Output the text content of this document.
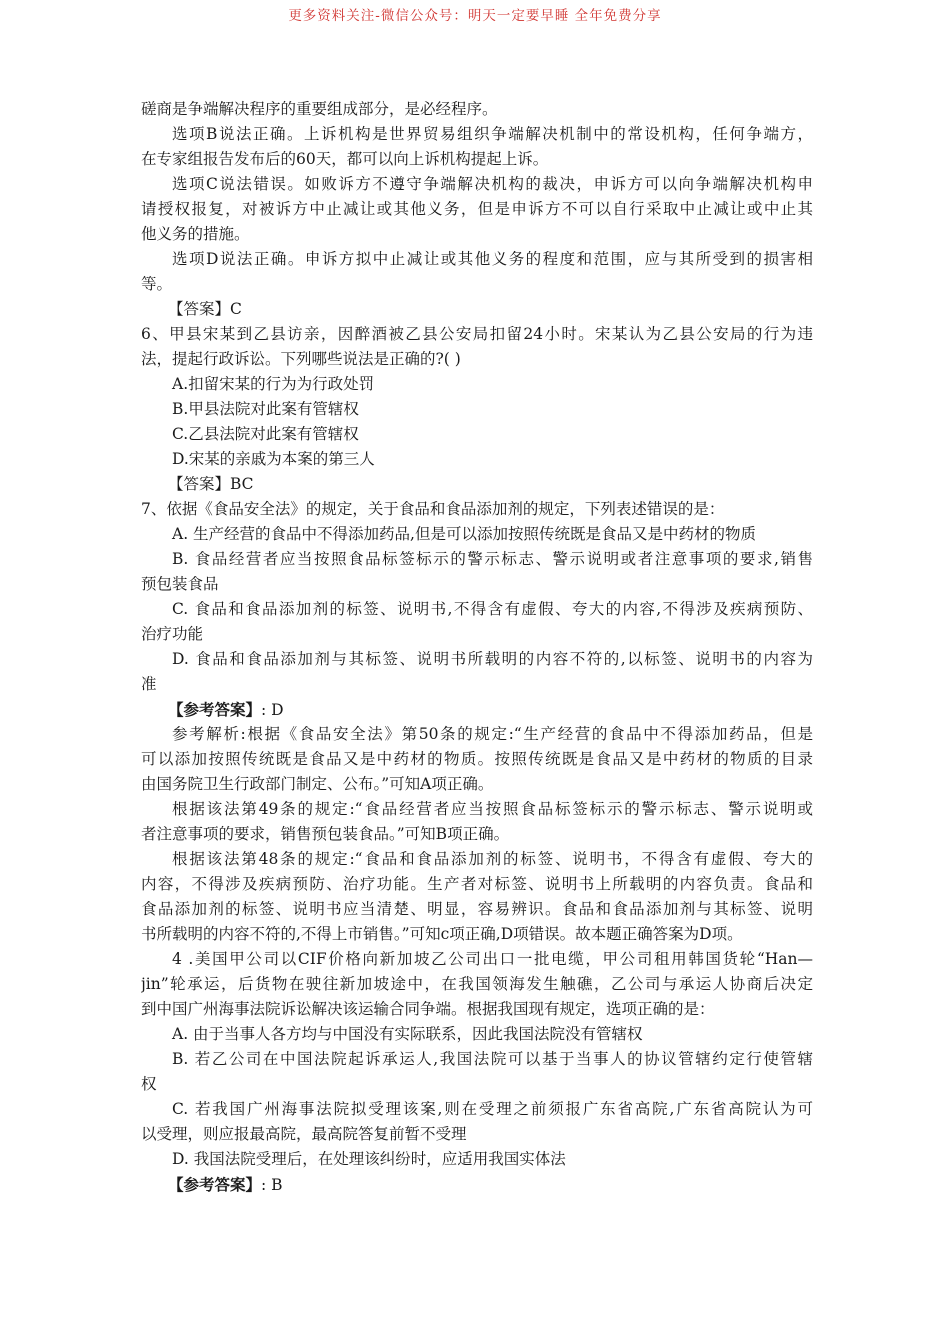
更多资料关注-微信公众号：明天一定要早睡 全年免费分享
磋商是争端解决程序的重要组成部分，是必经程序。
选项B说法正确。上诉机构是世界贸易组织争端解决机制中的常设机构，任何争端方，
在专家组报告发布后的60天，都可以向上诉机构提起上诉。
选项C说法错误。如败诉方不遵守争端解决机构的裁决，申诉方可以向争端解决机构申
请授权报复，对被诉方中止减让或其他义务，但是申诉方不可以自行采取中止减让或中止其
他义务的措施。
选项D说法正确。申诉方拟中止减让或其他义务的程度和范围，应与其所受到的损害相
等。
【答案】C
6、甲县宋某到乙县访亲，因醉酒被乙县公安局扣留24小时。宋某认为乙县公安局的行为违
法，提起行政诉讼。下列哪些说法是正确的?( )
A.扣留宋某的行为为行政处罚
B.甲县法院对此案有管辖权
C.乙县法院对此案有管辖权
D.宋某的亲戚为本案的第三人
【答案】BC
7、依据《食品安全法》的规定，关于食品和食品添加剂的规定，下列表述错误的是：
A. 生产经营的食品中不得添加药品,但是可以添加按照传统既是食品又是中药材的物质
B. 食品经营者应当按照食品标签标示的警示标志、警示说明或者注意事项的要求,销售
预包装食品
C. 食品和食品添加剂的标签、说明书,不得含有虚假、夸大的内容,不得涉及疾病预防、
治疗功能
D. 食品和食品添加剂与其标签、说明书所载明的内容不符的,以标签、说明书的内容为
准
【参考答案】: D
参考解析:根据《食品安全法》第50条的规定:“生产经营的食品中不得添加药品，但是
可以添加按照传统既是食品又是中药材的物质。按照传统既是食品又是中药材的物质的目录
由国务院卫生行政部门制定、公布。”可知A项正确。
根据该法第49条的规定:“食品经营者应当按照食品标签标示的警示标志、警示说明或
者注意事项的要求，销售预包装食品。”可知B项正确。
根据该法第48条的规定:“食品和食品添加剂的标签、说明书，不得含有虚假、夸大的
内容，不得涉及疾病预防、治疗功能。生产者对标签、说明书上所载明的内容负责。食品和
食品添加剂的标签、说明书应当清楚、明显，容易辨识。食品和食品添加剂与其标签、说明
书所载明的内容不符的,不得上市销售。”可知c项正确,D项错误。故本题正确答案为D项。
4 .美国甲公司以CIF价格向新加坡乙公司出口一批电缆，甲公司租用韩国货轮“Han—
jin”轮承运，后货物在驶往新加坡途中，在我国领海发生触礁，乙公司与承运人协商后决定
到中国广州海事法院诉讼解决该运输合同争端。根据我国现有规定，选项正确的是：
A. 由于当事人各方均与中国没有实际联系，因此我国法院没有管辖权
B. 若乙公司在中国法院起诉承运人,我国法院可以基于当事人的协议管辖约定行使管辖
权
C. 若我国广州海事法院拟受理该案,则在受理之前须报广东省高院,广东省高院认为可
以受理，则应报最高院，最高院答复前暂不受理
D. 我国法院受理后，在处理该纠纷时，应适用我国实体法
【参考答案】: B
